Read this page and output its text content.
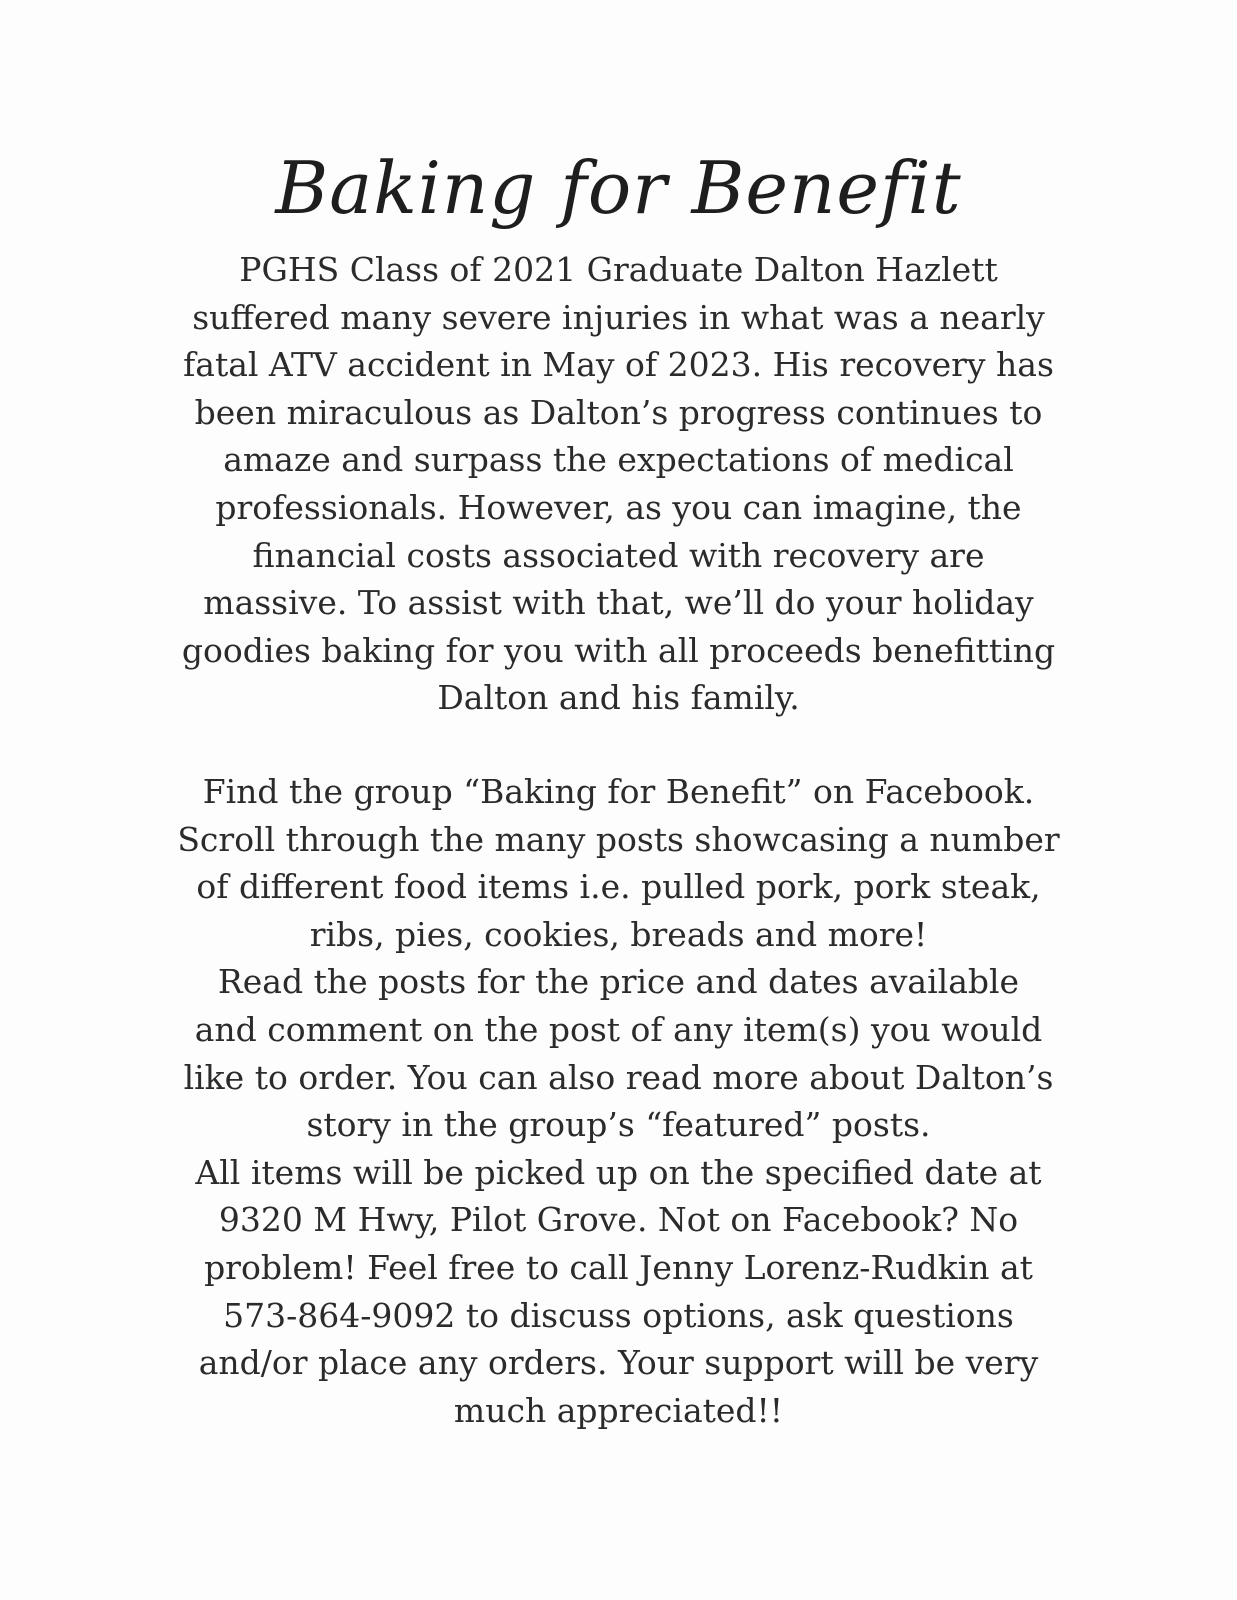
Baking for Benefit
PGHS Class of 2021 Graduate Dalton Hazlett
suffered many severe injuries in what was a nearly
fatal ATV accident in May of 2023. His recovery has
been miraculous as Dalton’s progress continues to
amaze and surpass the expectations of medical
professionals. However, as you can imagine, the
financial costs associated with recovery are
massive. To assist with that, we’ll do your holiday
goodies baking for you with all proceeds benefitting
Dalton and his family.
Find the group “Baking for Benefit” on Facebook.
Scroll through the many posts showcasing a number
of different food items i.e. pulled pork, pork steak,
ribs, pies, cookies, breads and more!
Read the posts for the price and dates available
and comment on the post of any item(s) you would
like to order. You can also read more about Dalton’s
story in the group’s “featured” posts.
All items will be picked up on the specified date at
9320 M Hwy, Pilot Grove. Not on Facebook? No
problem! Feel free to call Jenny Lorenz-Rudkin at
573-864-9092 to discuss options, ask questions
and/or place any orders. Your support will be very
much appreciated!!
